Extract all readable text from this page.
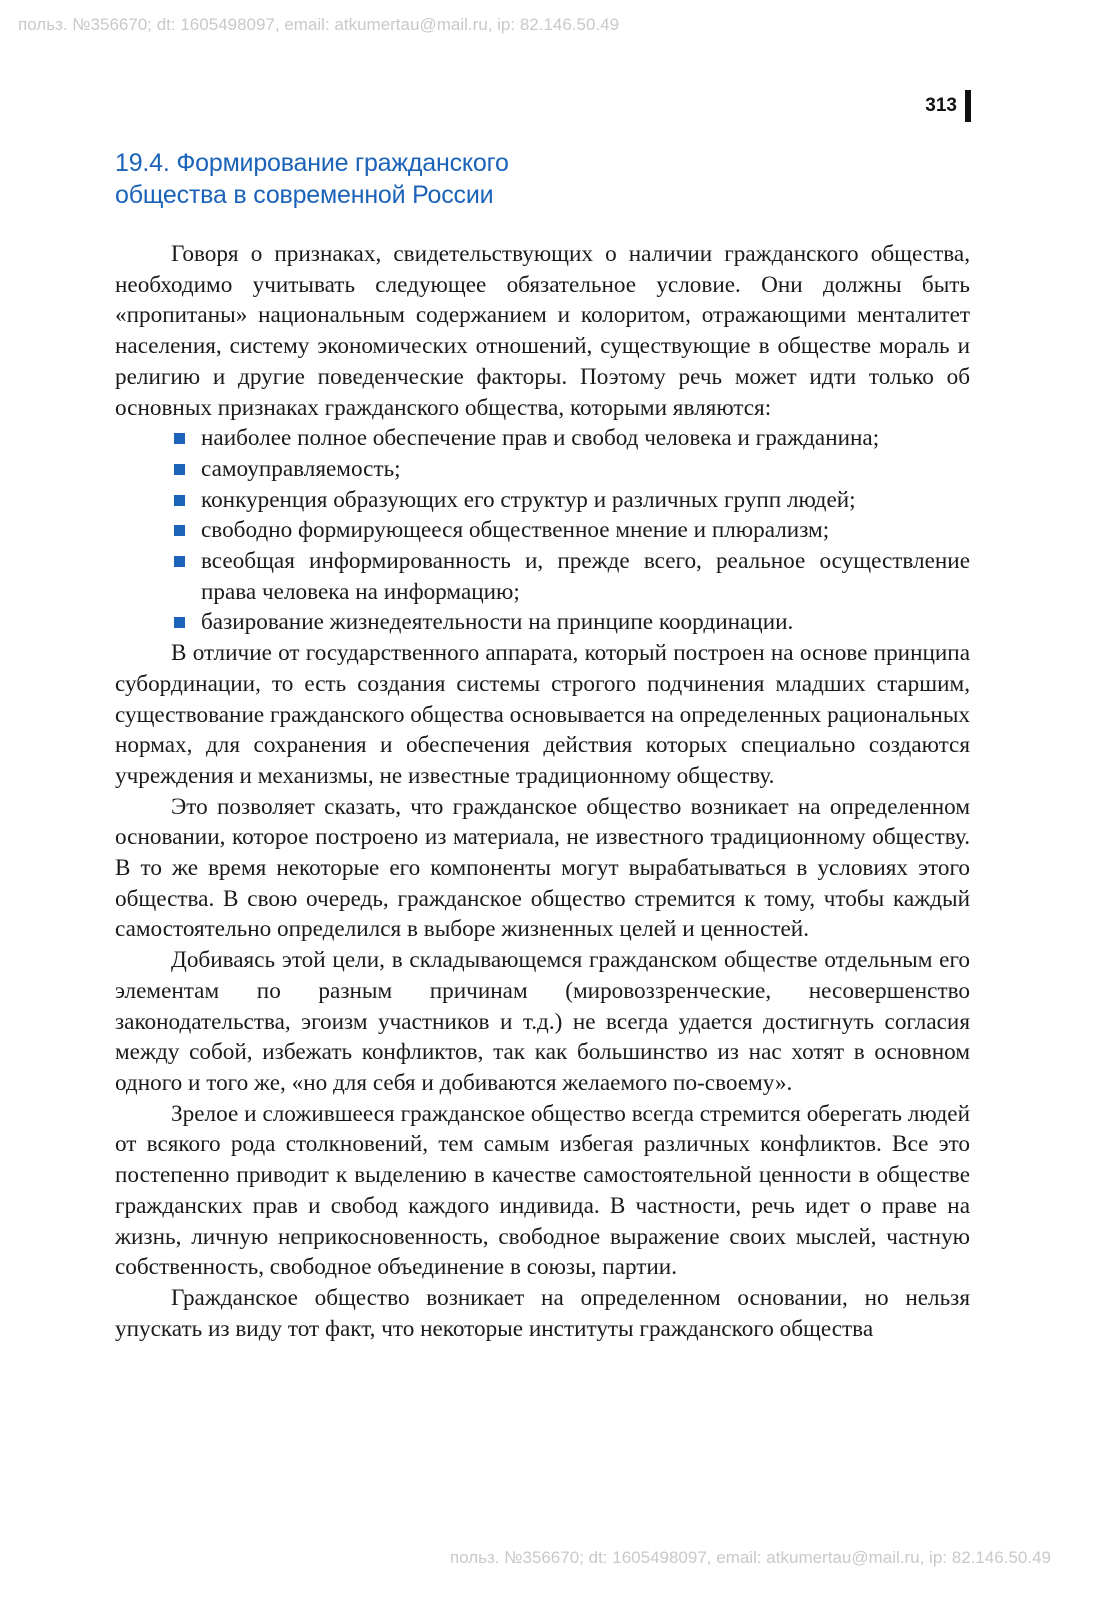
польз. №356670; dt: 1605498097, email: atkumertau@mail.ru, ip: 82.146.50.49
313
19.4. Формирование гражданского
общества в современной России

Говоря о признаках, свидетельствующих о наличии гражданского общества, необходимо учитывать следующее обязательное условие. Они должны быть «пропитаны» национальным содержанием и колоритом, отражающими менталитет населения, систему экономических отношений, существующие в обществе мораль и религию и другие поведенческие факторы. Поэтому речь может идти только об основных признаках гражданского общества, которыми являются:

наиболее полное обеспечение прав и свобод человека и гражданина;
самоуправляемость;
конкуренция образующих его структур и различных групп людей;
свободно формирующееся общественное мнение и плюрализм;
всеобщая информированность и, прежде всего, реальное осуществление права человека на информацию;
базирование жизнедеятельности на принципе координации.

В отличие от государственного аппарата, который построен на основе принципа субординации, то есть создания системы строгого подчинения младших старшим, существование гражданского общества основывается на определенных рациональных нормах, для сохранения и обеспечения действия которых специально создаются учреждения и механизмы, не известные традиционному обществу.

Это позволяет сказать, что гражданское общество возникает на определенном основании, которое построено из материала, не известного традиционному обществу. В то же время некоторые его компоненты могут вырабатываться в условиях этого общества. В свою очередь, гражданское общество стремится к тому, чтобы каждый самостоятельно определился в выборе жизненных целей и ценностей.

Добиваясь этой цели, в складывающемся гражданском обществе отдельным его элементам по разным причинам (мировоззренческие, несовершенство законодательства, эгоизм участников и т.д.) не всегда удается достигнуть согласия между собой, избежать конфликтов, так как большинство из нас хотят в основном одного и того же, «но для себя и добиваются желаемого по-своему».

Зрелое и сложившееся гражданское общество всегда стремится оберегать людей от всякого рода столкновений, тем самым избегая различных конфликтов. Все это постепенно приводит к выделению в качестве самостоятельной ценности в обществе гражданских прав и свобод каждого индивида. В частности, речь идет о праве на жизнь, личную неприкосновенность, свободное выражение своих мыслей, частную собственность, свободное объединение в союзы, партии.

Гражданское общество возникает на определенном основании, но нельзя упускать из виду тот факт, что некоторые институты гражданского общества

польз. №356670; dt: 1605498097, email: atkumertau@mail.ru, ip: 82.146.50.49
